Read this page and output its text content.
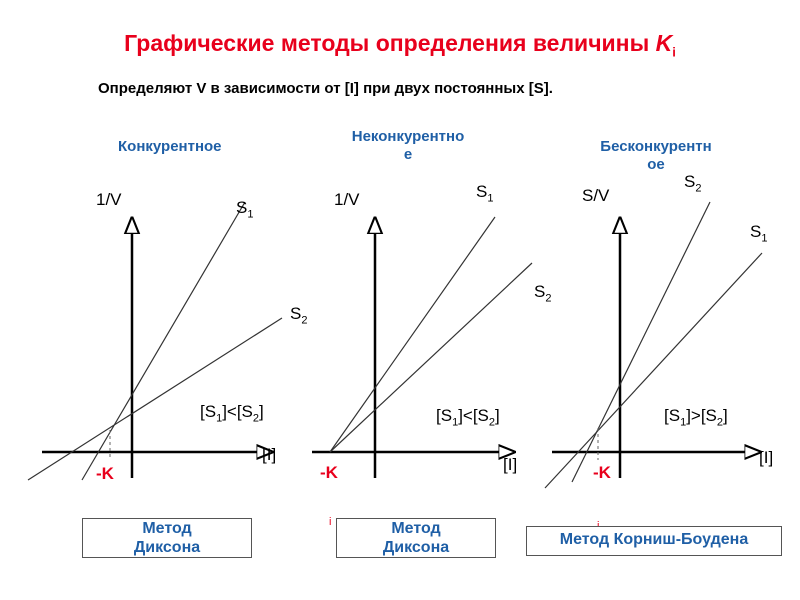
Графические методы определения величины $K_i$
Определяют V в зависимости от [I] при двух постоянных [S].
Конкурентное
1/V	$S_1$
$S_2$
$[S_1]<[S_2]$
[I]
-K
Метод
Диксона
Неконкурентно
е
1/V	$S_1$
$S_2$
$[S_1]<[S_2]$
[I]
-K
i	Метод
Диксона
Бесконкурентн
ое
S/V
$S_2$
$S_1$
$[S_1]>[S_2]$
[I]
-K
Метод Корниш-Боудена
